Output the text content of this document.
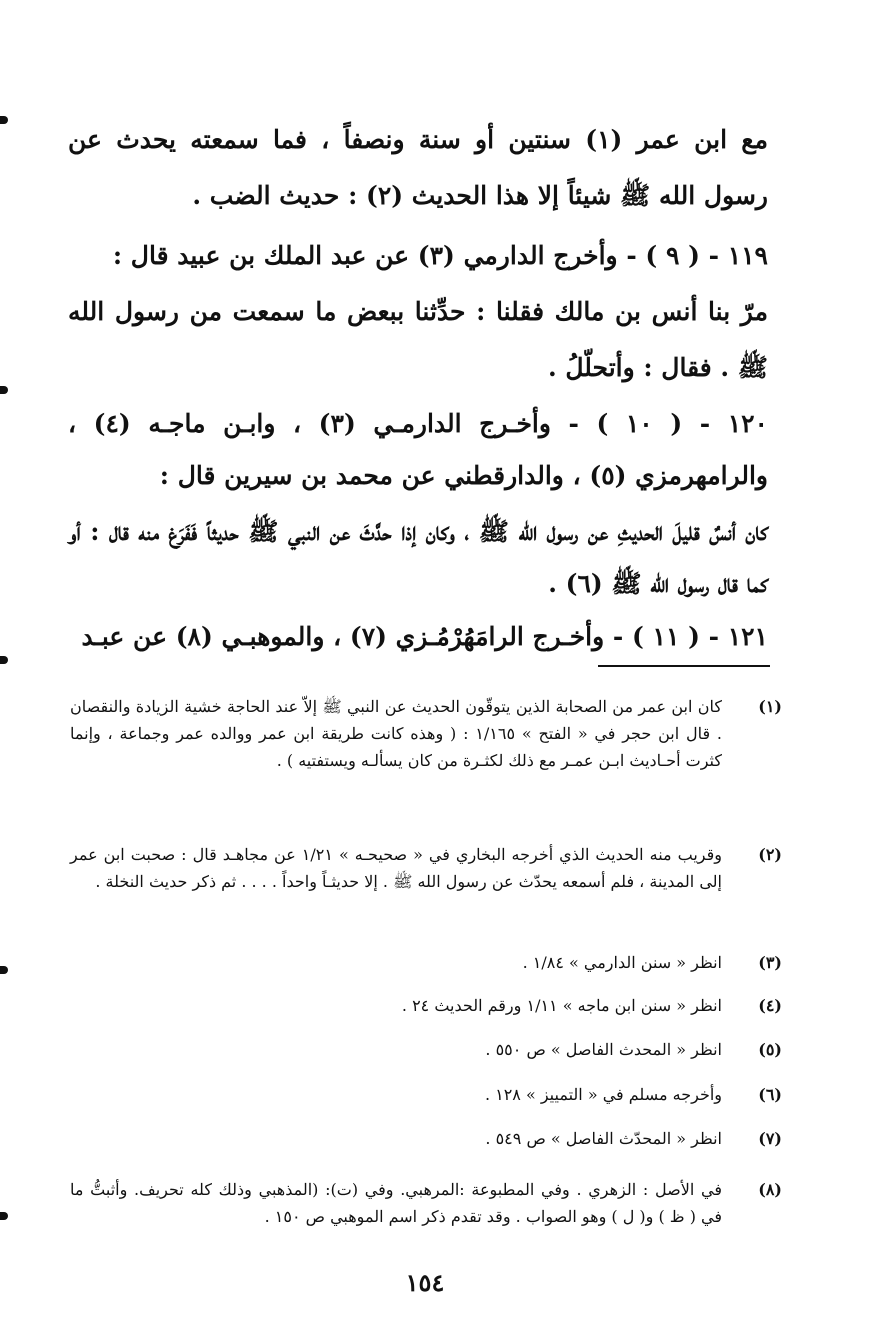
مع ابن عمر (١) سنتين أو سنة ونصفاً ، فما سمعته يحدث عن رسول الله ﷺ شيئاً إلا هذا الحديث (٢) : حديث الضب .
١١٩ - ( ٩ ) - وأخرج الدارمي (٣) عن عبد الملك بن عبيد قال :
مرّ بنا أنس بن مالك فقلنا : حدِّثنا ببعض ما سمعت من رسول الله ﷺ . فقال : وأتحلّلُ .
١٢٠ - ( ١٠ ) - وأخـرج الدارمـي (٣) ، وابـن ماجـه (٤) ، والرامهرمزي (٥) ، والدارقطني عن محمد بن سيرين قال :
كان أنسٌ قليلَ الحديثِ عن رسول الله ﷺ ، وكان إذا حدَّثَ عن النبي ﷺ حديثاً فَفَرَغ منه قال : أو كما قال رسول الله ﷺ (٦) .
١٢١ - ( ١١ ) - وأخـرج الرامَهُرْمُـزي (٧) ، والموهبـي (٨) عن عبـد
(١)
كان ابن عمر من الصحابة الذين يتوقّون الحديث عن النبي ﷺ إلاّ عند الحاجة خشية الزيادة والنقصان . قال ابن حجر في « الفتح » ١/١٦٥ : ( وهذه كانت طريقة ابن عمر ووالده عمر وجماعة ، وإنما كثرت أحـاديث ابـن عمـر مع ذلك لكثـرة من كان يسألـه ويستفتيه ) .
(٢)
وقريب منه الحديث الذي أخرجه البخاري في « صحيحـه » ١/٢١ عن مجاهـد قال : صحبت ابن عمر إلى المدينة ، فلم أسمعه يحدّث عن رسول الله ﷺ . إلا حديثـاً واحداً . . . . ثم ذكر حديث النخلة .
(٣)
انظر « سنن الدارمي » ١/٨٤ .
(٤)
انظر « سنن ابن ماجه » ١/١١ ورقم الحديث ٢٤ .
(٥)
انظر « المحدث الفاصل » ص ٥٥٠ .
(٦)
وأخرجه مسلم في « التمييز » ١٢٨ .
(٧)
انظر « المحدّث الفاصل » ص ٥٤٩ .
(٨)
في الأصل : الزهري . وفي المطبوعة :المرهبي. وفي (ت): (المذهبي وذلك كله تحريف. وأثبتُّ ما في ( ظ ) و( ل ) وهو الصواب . وقد تقدم ذكر اسم الموهبي ص ١٥٠ .
١٥٤
